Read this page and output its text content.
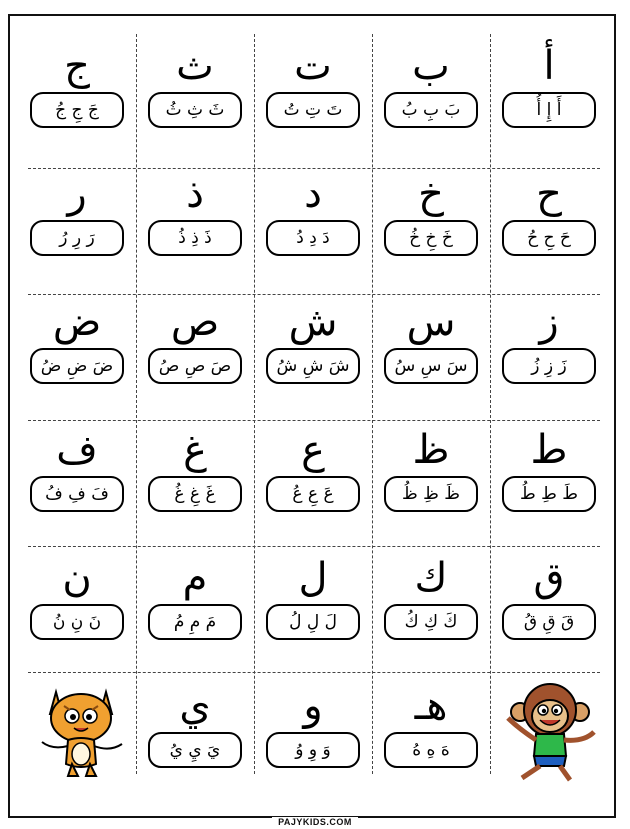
ج
جَ جِ جُ
ث
ثَ ثِ ثُ
ت
تَ تِ تُ
ب
بَ بِ بُ
أ
أَ إِ أُ
ر
رَ رِ رُ
ذ
ذَ ذِ ذُ
د
دَ دِ دُ
خ
خَ خِ خُ
ح
حَ حِ حُ
ض
ضَ ضِ ضُ
ص
صَ صِ صُ
ش
شَ شِ شُ
س
سَ سِ سُ
ز
زَ زِ زُ
ف
فَ فِ فُ
غ
غَ غِ غُ
ع
عَ عِ عُ
ظ
ظَ ظِ ظُ
ط
طَ طِ طُ
ن
نَ نِ نُ
م
مَ مِ مُ
ل
لَ لِ لُ
ك
كَ كِ كُ
ق
قَ قِ قُ
ي
يَ يِ يُ
و
وَ وِ وُ
هـ
هَ هِ هُ
PAJYKIDS.COM
